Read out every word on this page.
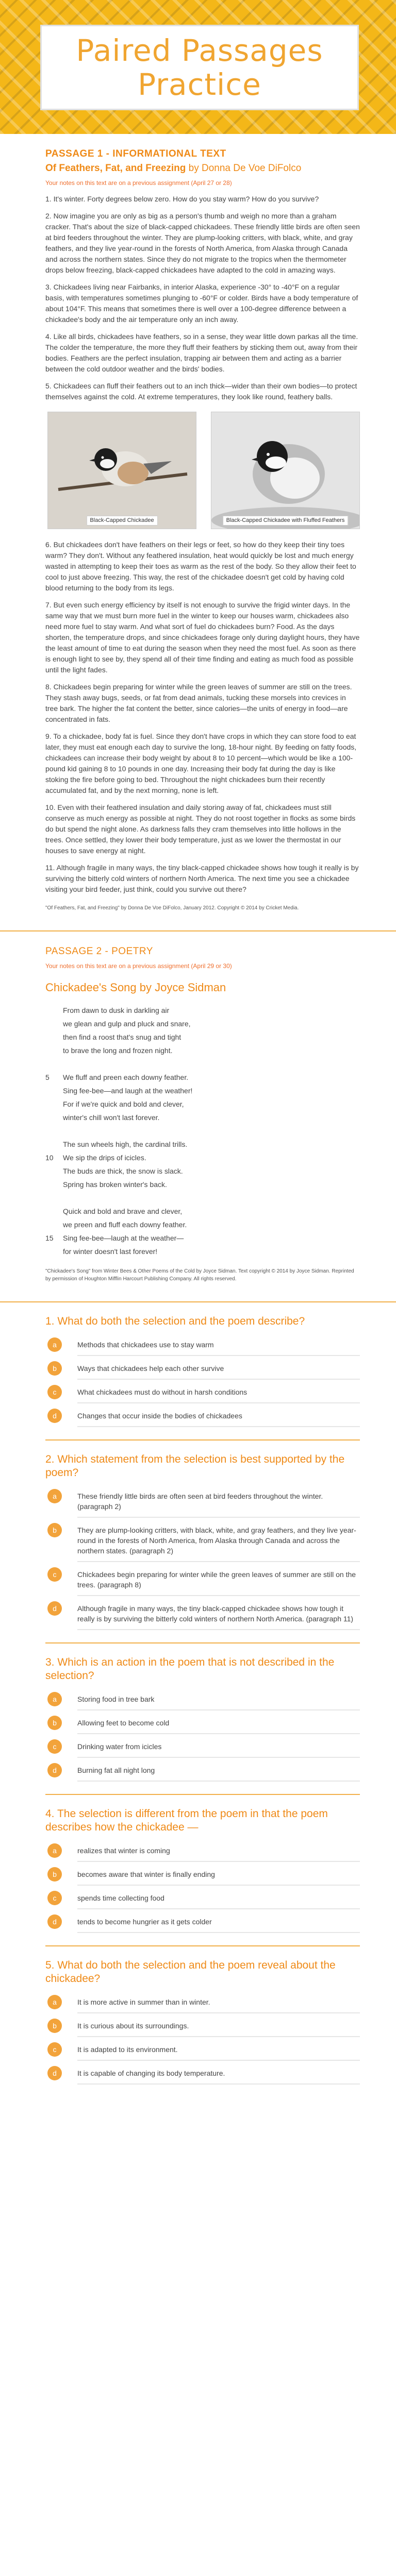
Paired Passages Practice
PASSAGE 1 - INFORMATIONAL TEXT
Of Feathers, Fat, and Freezing by Donna De Voe DiFolco
Your notes on this text are on a previous assignment (April 27 or 28)

1. It's winter. Forty degrees below zero. How do you stay warm? How do you survive?

2. Now imagine you are only as big as a person's thumb and weigh no more than a graham cracker. That's about the size of black-capped chickadees. These friendly little birds are often seen at bird feeders throughout the winter. They are plump-looking critters, with black, white, and gray feathers, and they live year-round in the forests of North America, from Alaska through Canada and across the northern states. Since they do not migrate to the tropics when the thermometer drops below freezing, black-capped chickadees have adapted to the cold in amazing ways.

3. Chickadees living near Fairbanks, in interior Alaska, experience -30° to -40°F on a regular basis, with temperatures sometimes plunging to -60°F or colder. Birds have a body temperature of about 104°F. This means that sometimes there is well over a 100-degree difference between a chickadee's body and the air temperature only an inch away.

4. Like all birds, chickadees have feathers, so in a sense, they wear little down parkas all the time. The colder the temperature, the more they fluff their feathers by sticking them out, away from their bodies. Feathers are the perfect insulation, trapping air between them and acting as a barrier between the cold outdoor weather and the birds' bodies.

5. Chickadees can fluff their feathers out to an inch thick—wider than their own bodies—to protect themselves against the cold. At extreme temperatures, they look like round, feathery balls.

Black-Capped Chickadee	Black-Capped Chickadee with Fluffed Feathers

6. But chickadees don't have feathers on their legs or feet, so how do they keep their tiny toes warm? They don't. Without any feathered insulation, heat would quickly be lost and much energy wasted in attempting to keep their toes as warm as the rest of the body. So they allow their feet to cool to just above freezing. This way, the rest of the chickadee doesn't get cold by having cold blood returning to the body from its legs.

7. But even such energy efficiency by itself is not enough to survive the frigid winter days. In the same way that we must burn more fuel in the winter to keep our houses warm, chickadees also need more fuel to stay warm. And what sort of fuel do chickadees burn? Food. As the days shorten, the temperature drops, and since chickadees forage only during daylight hours, they have the least amount of time to eat during the season when they need the most fuel. As soon as there is enough light to see by, they spend all of their time finding and eating as much food as possible until the light fades.

8. Chickadees begin preparing for winter while the green leaves of summer are still on the trees. They stash away bugs, seeds, or fat from dead animals, tucking these morsels into crevices in tree bark. The higher the fat content the better, since calories—the units of energy in food—are concentrated in fats.

9. To a chickadee, body fat is fuel. Since they don't have crops in which they can store food to eat later, they must eat enough each day to survive the long, 18-hour night. By feeding on fatty foods, chickadees can increase their body weight by about 8 to 10 percent—which would be like a 100-pound kid gaining 8 to 10 pounds in one day. Increasing their body fat during the day is like stoking the fire before going to bed. Throughout the night chickadees burn their recently accumulated fat, and by the next morning, none is left.

10. Even with their feathered insulation and daily storing away of fat, chickadees must still conserve as much energy as possible at night. They do not roost together in flocks as some birds do but spend the night alone. As darkness falls they cram themselves into little hollows in the trees. Once settled, they lower their body temperature, just as we lower the thermostat in our houses to save energy at night.

11. Although fragile in many ways, the tiny black-capped chickadee shows how tough it really is by surviving the bitterly cold winters of northern North America. The next time you see a chickadee visiting your bird feeder, just think, could you survive out there?

"Of Feathers, Fat, and Freezing" by Donna De Voe DiFolco, January 2012. Copyright © 2014 by Cricket Media.
PASSAGE 2 - POETRY
Your notes on this text are on a previous assignment (April 29 or 30)
Chickadee's Song by Joyce Sidman
From dawn to dusk in darkling air
we glean and gulp and pluck and snare,
then find a roost that's snug and tight
to brave the long and frozen night.
5	We fluff and preen each downy feather.
Sing fee-bee—and laugh at the weather!
For if we're quick and bold and clever,
winter's chill won't last forever.
The sun wheels high, the cardinal trills.
10	We sip the drips of icicles.
The buds are thick, the snow is slack.
Spring has broken winter's back.
Quick and bold and brave and clever,
we preen and fluff each downy feather.
15	Sing fee-bee—laugh at the weather—
for winter doesn't last forever!
"Chickadee's Song" from Winter Bees & Other Poems of the Cold by Joyce Sidman. Text copyright © 2014 by Joyce Sidman. Reprinted by permission of Houghton Mifflin Harcourt Publishing Company. All rights reserved.
1. What do both the selection and the poem describe?
a	Methods that chickadees use to stay warm
b	Ways that chickadees help each other survive
c	What chickadees must do without in harsh conditions
d	Changes that occur inside the bodies of chickadees
2. Which statement from the selection is best supported by the poem?
a	These friendly little birds are often seen at bird feeders throughout the winter. (paragraph 2)
b	They are plump-looking critters, with black, white, and gray feathers, and they live year-round in the forests of North America, from Alaska through Canada and across the northern states. (paragraph 2)
c	Chickadees begin preparing for winter while the green leaves of summer are still on the trees. (paragraph 8)
d	Although fragile in many ways, the tiny black-capped chickadee shows how tough it really is by surviving the bitterly cold winters of northern North America. (paragraph 11)
3. Which is an action in the poem that is not described in the selection?
a	Storing food in tree bark
b	Allowing feet to become cold
c	Drinking water from icicles
d	Burning fat all night long
4. The selection is different from the poem in that the poem describes how the chickadee —
a	realizes that winter is coming
b	becomes aware that winter is finally ending
c	spends time collecting food
d	tends to become hungrier as it gets colder
5. What do both the selection and the poem reveal about the chickadee?
a	It is more active in summer than in winter.
b	It is curious about its surroundings.
c	It is adapted to its environment.
d	It is capable of changing its body temperature.
